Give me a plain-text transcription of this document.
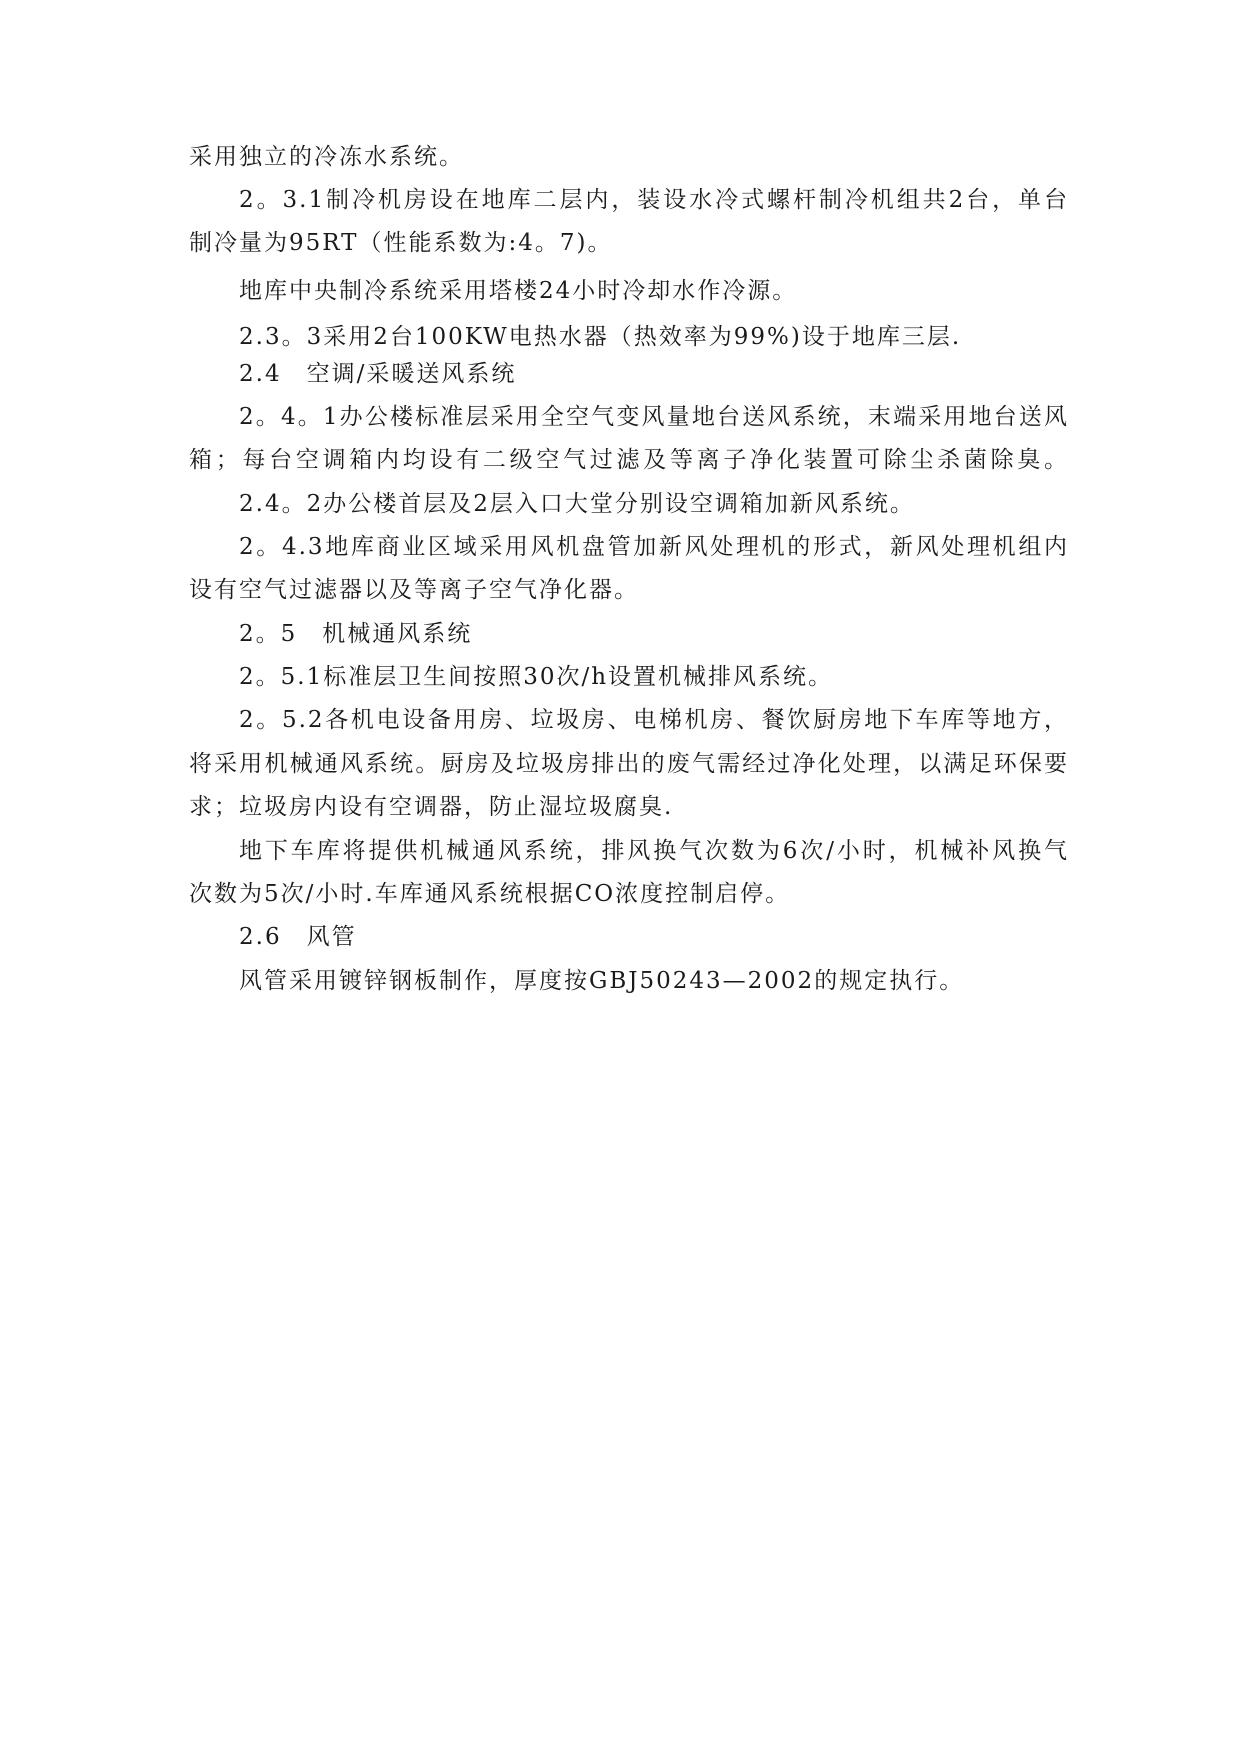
采用独立的冷冻水系统。
2。3.1制冷机房设在地库二层内，装设水冷式螺杆制冷机组共2台，单台
制冷量为95RT（性能系数为:4。7)。
地库中央制冷系统采用塔楼24小时冷却水作冷源。
2.3。3采用2台100KW电热水器（热效率为99%)设于地库三层.
2.4　空调/采暖送风系统
2。4。1办公楼标准层采用全空气变风量地台送风系统，末端采用地台送风
箱；每台空调箱内均设有二级空气过滤及等离子净化装置可除尘杀菌除臭。
2.4。2办公楼首层及2层入口大堂分别设空调箱加新风系统。
2。4.3地库商业区域采用风机盘管加新风处理机的形式，新风处理机组内
设有空气过滤器以及等离子空气净化器。
2。5　机械通风系统
2。5.1标准层卫生间按照30次/h设置机械排风系统。
2。5.2各机电设备用房、垃圾房、电梯机房、餐饮厨房地下车库等地方，
将采用机械通风系统。厨房及垃圾房排出的废气需经过净化处理，以满足环保要
求；垃圾房内设有空调器，防止湿垃圾腐臭.
地下车库将提供机械通风系统，排风换气次数为6次/小时，机械补风换气
次数为5次/小时.车库通风系统根据CO浓度控制启停。
2.6　风管
风管采用镀锌钢板制作，厚度按GBJ50243—2002的规定执行。
